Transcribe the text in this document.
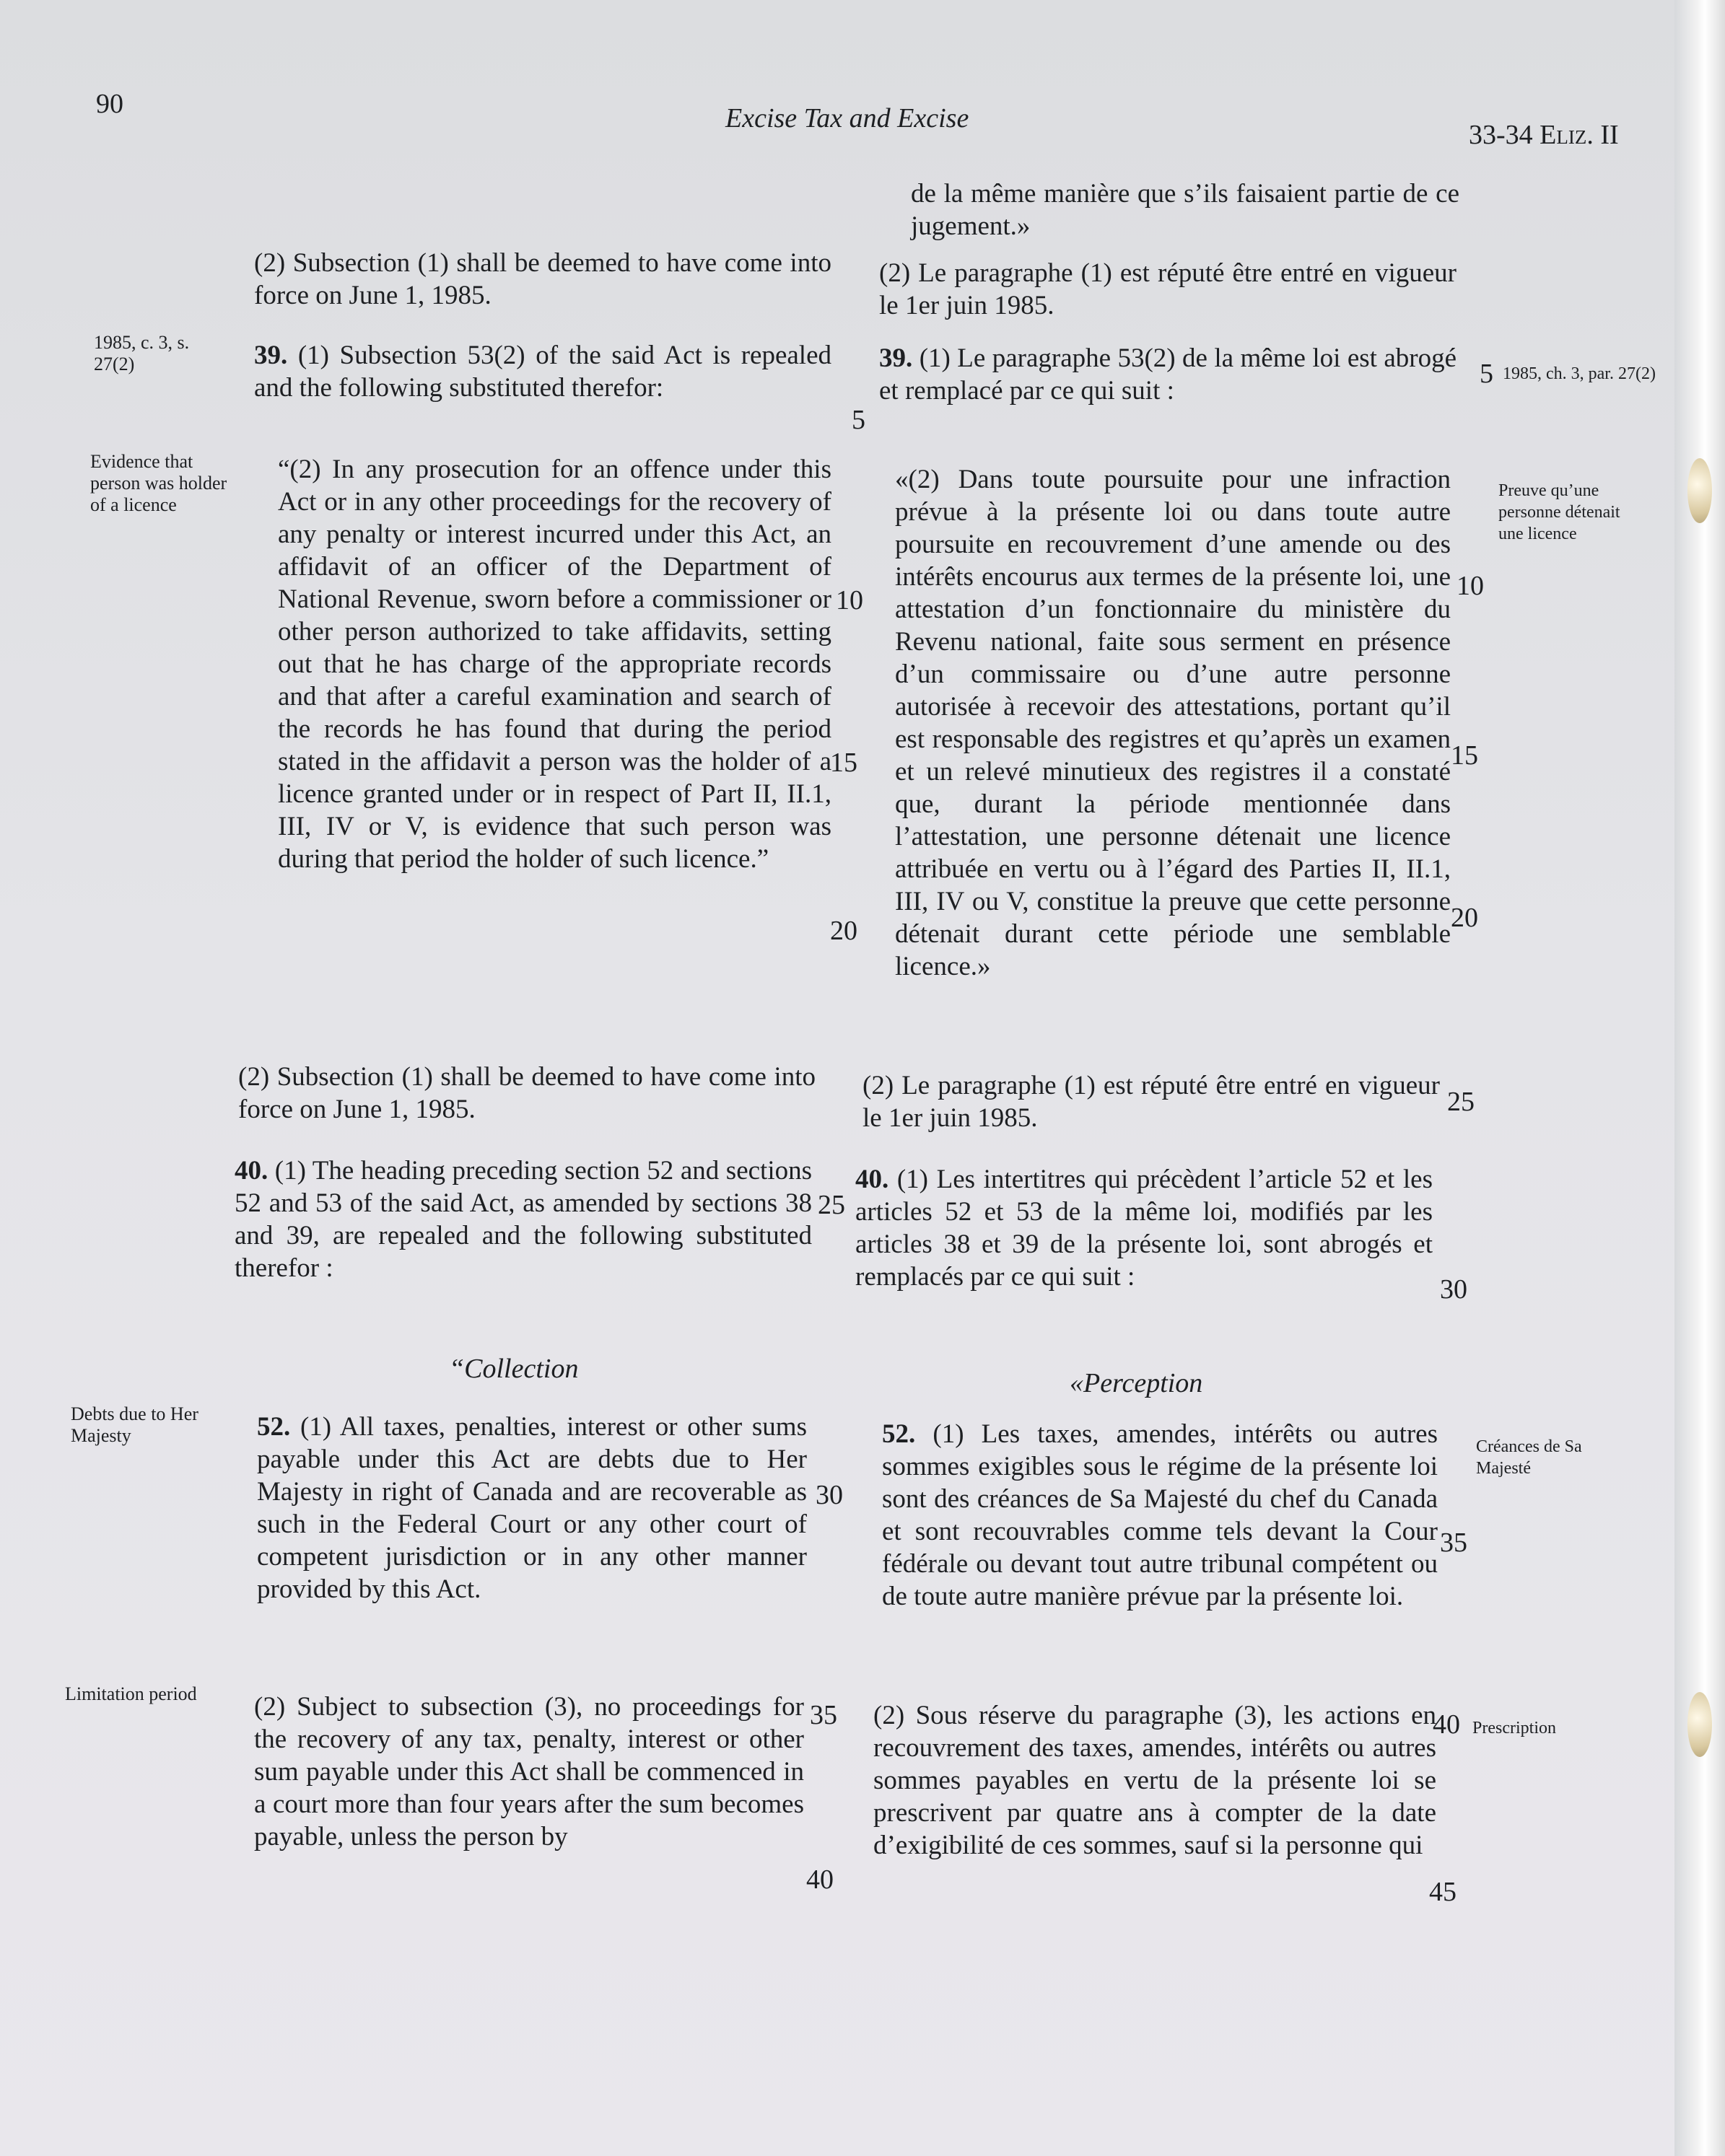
90	Excise Tax and Excise
33-34 Eliz. II

(2) Subsection (1) shall be deemed to have come into force on June 1, 1985.

39. (1) Subsection 53(2) of the said Act is repealed and the following substituted therefor:

“(2) In any prosecution for an offence under this Act or in any other proceedings for the recovery of any penalty or interest incurred under this Act, an affidavit of an officer of the Department of National Revenue, sworn before a commissioner or other person authorized to take affidavits, setting out that he has charge of the appropriate records and that after a careful examination and search of the records he has found that during the period stated in the affidavit a person was the holder of a licence granted under or in respect of Part II, II.1, III, IV or V, is evidence that such person was during that period the holder of such licence.”

(2) Subsection (1) shall be deemed to have come into force on June 1, 1985.

40. (1) The heading preceding section 52 and sections 52 and 53 of the said Act, as amended by sections 38 and 39, are repealed and the following substituted therefor :

“Collection

52. (1) All taxes, penalties, interest or other sums payable under this Act are debts due to Her Majesty in right of Canada and are recoverable as such in the Federal Court or any other court of competent jurisdiction or in any other manner provided by this Act.

(2) Subject to subsection (3), no proceedings for the recovery of any tax, penalty, interest or other sum payable under this Act shall be commenced in a court more than four years after the sum becomes payable, unless the person by

5
10
15
20
25
30
35
40

de la même manière que s’ils faisaient partie de ce jugement.»

(2) Le paragraphe (1) est réputé être entré en vigueur le 1er juin 1985.

39. (1) Le paragraphe 53(2) de la même loi est abrogé et remplacé par ce qui suit :

«(2) Dans toute poursuite pour une infraction prévue à la présente loi ou dans toute autre poursuite en recouvrement d’une amende ou des intérêts encourus aux termes de la présente loi, une attestation d’un fonctionnaire du ministère du Revenu national, faite sous serment en présence d’un commissaire ou d’une autre personne autorisée à recevoir des attestations, portant qu’il est responsable des registres et qu’après un examen et un relevé minutieux des registres il a constaté que, durant la période mentionnée dans l’attestation, une personne détenait une licence attribuée en vertu ou à l’égard des Parties II, II.1, III, IV ou V, constitue la preuve que cette personne détenait durant cette période une semblable licence.»

(2) Le paragraphe (1) est réputé être entré en vigueur le 1er juin 1985.

40. (1) Les intertitres qui précèdent l’article 52 et les articles 52 et 53 de la même loi, modifiés par les articles 38 et 39 de la présente loi, sont abrogés et remplacés par ce qui suit :

«Perception

52. (1) Les taxes, amendes, intérêts ou autres sommes exigibles sous le régime de la présente loi sont des créances de Sa Majesté du chef du Canada et sont recouvrables comme tels devant la Cour fédérale ou devant tout autre tribunal compétent ou de toute autre manière prévue par la présente loi.

(2) Sous réserve du paragraphe (3), les actions en recouvrement des taxes, amendes, intérêts ou autres sommes payables en vertu de la présente loi se prescrivent par quatre ans à compter de la date d’exigibilité de ces sommes, sauf si la personne qui

5
10
15
20
25
30
35
40
45
1985, c. 3, s. 27(2)
Evidence that person was holder of a licence
Debts due to Her Majesty
Limitation period
1985, ch. 3, par. 27(2)
Preuve qu’une personne détenait une licence
Créances de Sa Majesté
Prescription
